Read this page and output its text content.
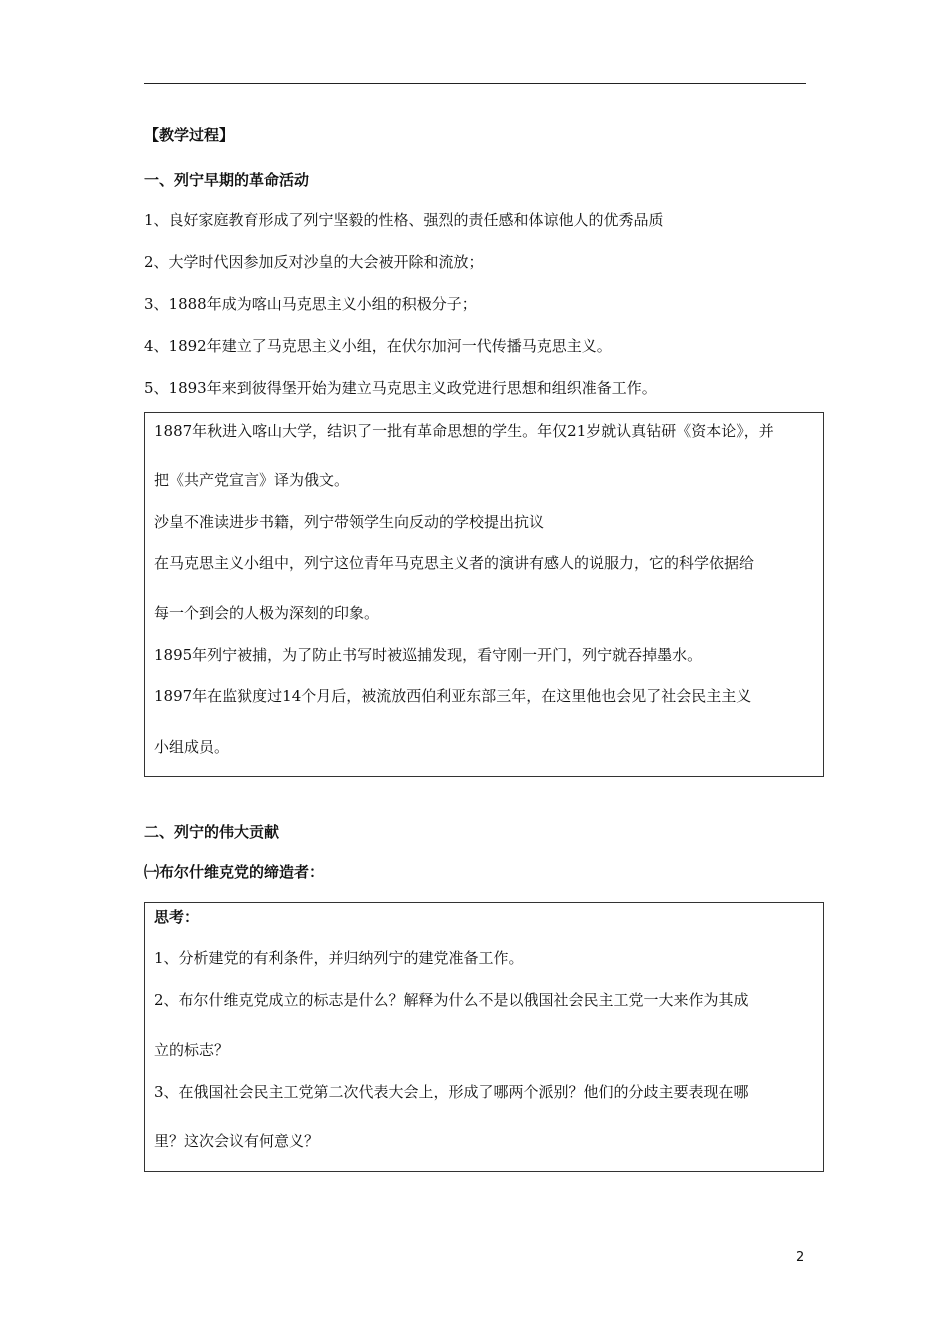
【教学过程】
一、列宁早期的革命活动
1、良好家庭教育形成了列宁坚毅的性格、强烈的责任感和体谅他人的优秀品质
2、大学时代因参加反对沙皇的大会被开除和流放；
3、1888年成为喀山马克思主义小组的积极分子；
4、1892年建立了马克思主义小组，在伏尔加河一代传播马克思主义。
5、1893年来到彼得堡开始为建立马克思主义政党进行思想和组织准备工作。
1887年秋进入喀山大学，结识了一批有革命思想的学生。年仅21岁就认真钻研《资本论》，并
把《共产党宣言》译为俄文。
沙皇不准读进步书籍，列宁带领学生向反动的学校提出抗议
在马克思主义小组中，列宁这位青年马克思主义者的演讲有感人的说服力，它的科学依据给
每一个到会的人极为深刻的印象。
1895年列宁被捕，为了防止书写时被巡捕发现，看守刚一开门，列宁就吞掉墨水。
1897年在监狱度过14个月后，被流放西伯利亚东部三年，在这里他也会见了社会民主主义
小组成员。
二、列宁的伟大贡献
㈠布尔什维克党的缔造者：
思考：
1、分析建党的有利条件，并归纳列宁的建党准备工作。
2、布尔什维克党成立的标志是什么？解释为什么不是以俄国社会民主工党一大来作为其成
立的标志？
3、在俄国社会民主工党第二次代表大会上，形成了哪两个派别？他们的分歧主要表现在哪
里？这次会议有何意义？
2
